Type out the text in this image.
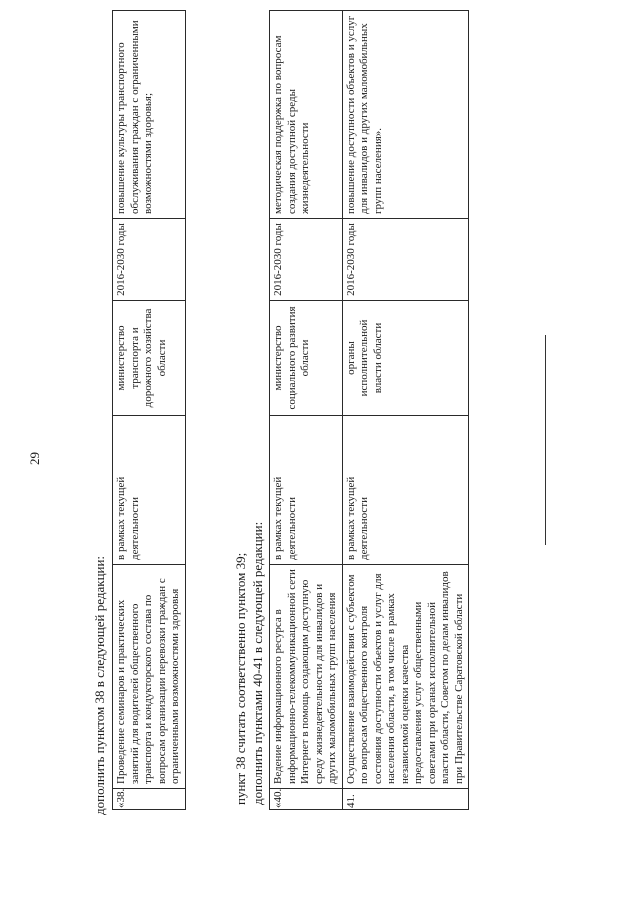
29
дополнить пунктом 38 в следующей редакции: «38.	Проведение семинаров и практических занятий для водителей общественного транспорта и кондукторского состава по вопросам организации перевозки граждан с ограниченными возможностями здоровья	в рамках текущей деятельности	министерство транспорта и дорожного хозяйства области	2016-2030 годы	повышение культуры транспортного обслуживания граждан с ограниченными возможностями здоровья;
пункт 38 считать соответственно пунктом 39; дополнить пунктами 40-41 в следующей редакции: «40.	Ведение информационного ресурса в информационно-телекоммуникационной сети Интернет в помощь создающим доступную среду жизнедеятельности для инвалидов и других маломобильных групп населения	в рамках текущей деятельности	министерство социального развития области	2016-2030 годы	методическая поддержка по вопросам создания доступной среды жизнедеятельности
41.	Осуществление взаимодействия с субъектом по вопросам общественного контроля состояния доступности объектов и услуг для населения области, в том числе в рамках независимой оценки качества предоставления услуг общественными советами при органах исполнительной власти области, Советом по делам инвалидов при Правительстве Саратовской области	в рамках текущей деятельности	органы исполнительной власти области	2016-2030 годы	повышение доступности объектов и услуг для инвалидов и других маломобильных групп населения».
